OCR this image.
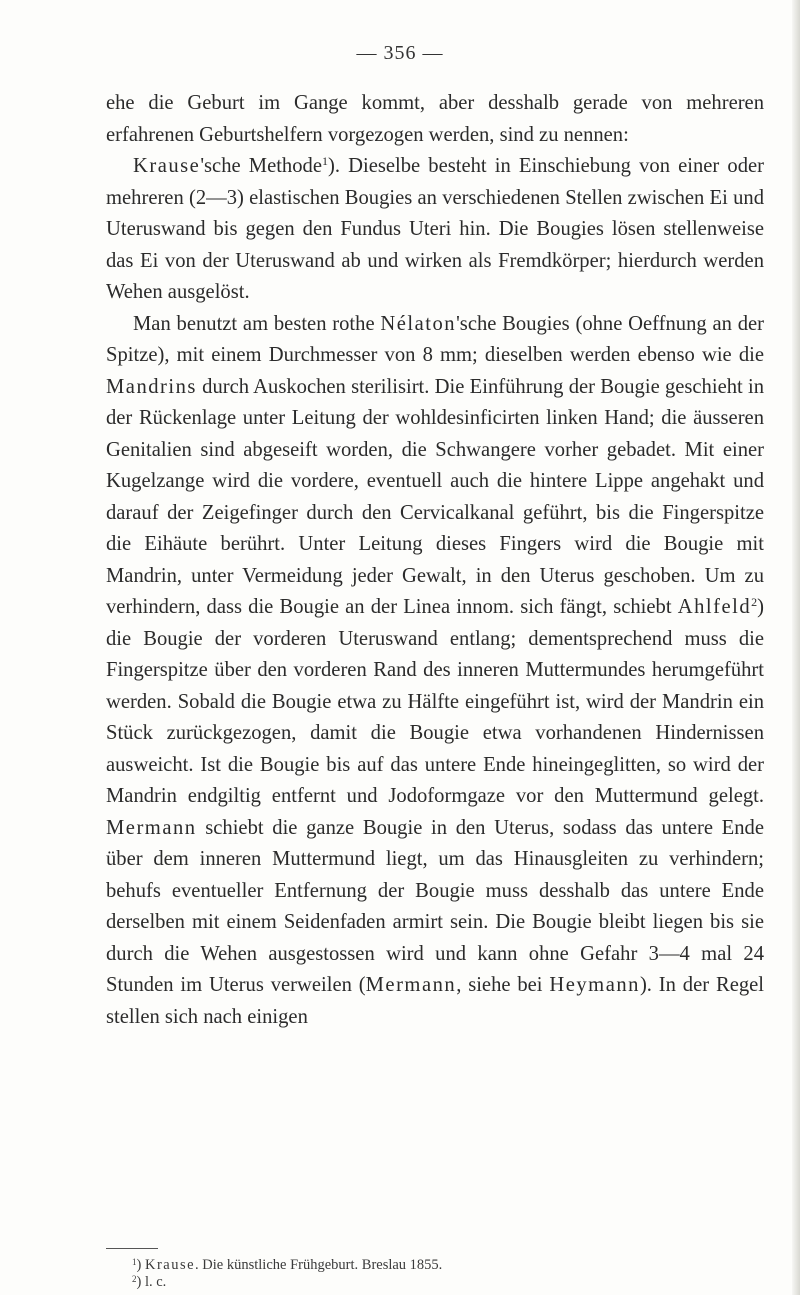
— 356 —

ehe die Geburt im Gange kommt, aber desshalb gerade von mehreren erfahrenen Geburtshelfern vorgezogen werden, sind zu nennen:

Krause'sche Methode$^1$). Dieselbe besteht in Einschiebung von einer oder mehreren (2—3) elastischen Bougies an verschiedenen Stellen zwischen Ei und Uteruswand bis gegen den Fundus Uteri hin. Die Bougies lösen stellenweise das Ei von der Uteruswand ab und wirken als Fremdkörper; hierdurch werden Wehen ausgelöst.

Man benutzt am besten rothe Nélaton'sche Bougies (ohne Oeffnung an der Spitze), mit einem Durchmesser von 8 mm; dieselben werden ebenso wie die Mandrins durch Auskochen sterilisirt. Die Einführung der Bougie geschieht in der Rückenlage unter Leitung der wohldesinficirten linken Hand; die äusseren Genitalien sind abgeseift worden, die Schwangere vorher gebadet. Mit einer Kugelzange wird die vordere, eventuell auch die hintere Lippe angehakt und darauf der Zeigefinger durch den Cervicalkanal geführt, bis die Fingerspitze die Eihäute berührt. Unter Leitung dieses Fingers wird die Bougie mit Mandrin, unter Vermeidung jeder Gewalt, in den Uterus geschoben. Um zu verhindern, dass die Bougie an der Linea innom. sich fängt, schiebt Ahlfeld$^2$) die Bougie der vorderen Uteruswand entlang; dementsprechend muss die Fingerspitze über den vorderen Rand des inneren Muttermundes herumgeführt werden. Sobald die Bougie etwa zu Hälfte eingeführt ist, wird der Mandrin ein Stück zurückgezogen, damit die Bougie etwa vorhandenen Hindernissen ausweicht. Ist die Bougie bis auf das untere Ende hineingeglitten, so wird der Mandrin endgiltig entfernt und Jodoformgaze vor den Muttermund gelegt. Mermann schiebt die ganze Bougie in den Uterus, sodass das untere Ende über dem inneren Muttermund liegt, um das Hinausgleiten zu verhindern; behufs eventueller Entfernung der Bougie muss desshalb das untere Ende derselben mit einem Seidenfaden armirt sein. Die Bougie bleibt liegen bis sie durch die Wehen ausgestossen wird und kann ohne Gefahr 3—4 mal 24 Stunden im Uterus verweilen (Mermann, siehe bei Heymann). In der Regel stellen sich nach einigen

$^1$) Krause. Die künstliche Frühgeburt. Breslau 1855.

$^2$) l. c.
